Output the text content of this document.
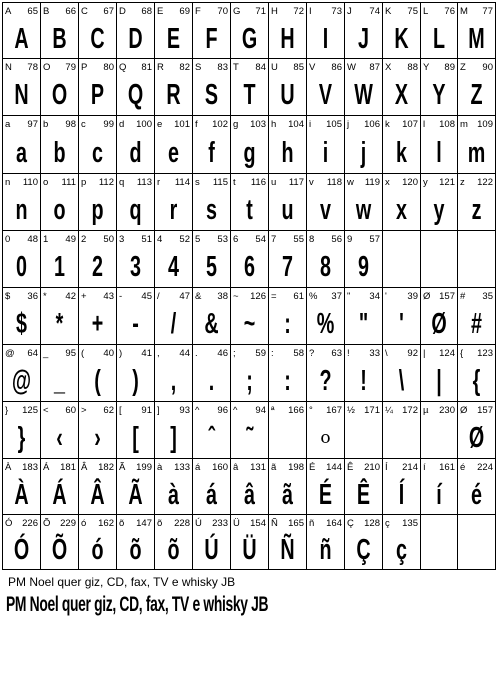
A 65
A
B 66
B
C 67
C
D 68
D
E 69
E
F 70
F
G 71
G
H 72
H
I 73
I
J 74
J
K 75
K
L 76
L
M 77
M
N 78
N
O 79
O
P 80
P
Q 81
Q
R 82
R
S 83
S
T 84
T
U 85
U
V 86
V
W 87
W
X 88
X
Y 89
Y
Z 90
Z
a 97
a
b 98
b
c 99
c
d 100
d
e 101
e
f 102
f
g 103
g
h 104
h
i 105
i
j 106
j
k 107
k
l 108
l
m 109
m
n 110
n
o 111
o
p 112
p
q 113
q
r 114
r
s 115
s
t 116
t
u 117
u
v 118
v
w 119
w
x 120
x
y 121
y
z 122
z
0 48
0
1 49
1
2 50
2
3 51
3
4 52
4
5 53
5
6 54
6
7 55
7
8 56
8
9 57
9
$ 36
$
* 42
*
+ 43
+
- 45
-
/ 47
/
& 38
&
~ 126
~
= 61
:
% 37
%
" 34
"
' 39
'
Ø 157
Ø
# 35
#
@ 64
@
_ 95
_
( 40
(
) 41
)
, 44
,
. 46
.
; 59
;
: 58
:
? 63
?
! 33
!
\ 92
\
| 124
|
{ 123
{
} 125
}
< 60
‹
> 62
›
[ 91
[
] 93
]
^ 96
ˆ
^ 94
˜
ª 166 ° 167
o
½ 171 ¼ 172 µ 230 Ø 157
Ø
À 183
À
Á 181
Á
Â 182
Â
Ã 199
Ã
à 133
à
á 160
á
â 131
â
ã 198
ã
É 144
É
Ê 210
Ê
Í 214
Í
í 161
í
é 224
é
Ó 226
Ó
Õ 229
Õ
ó 162
ó
õ 147
õ
õ 228
õ
Ú 233
Ú
Ü 154
Ü
Ñ 165
Ñ
ñ 164
ñ
Ç 128
Ç
ç 135
ç
PM Noel quer giz, CD, fax, TV e whisky JB
PM Noel quer giz, CD, fax, TV e whisky JB
